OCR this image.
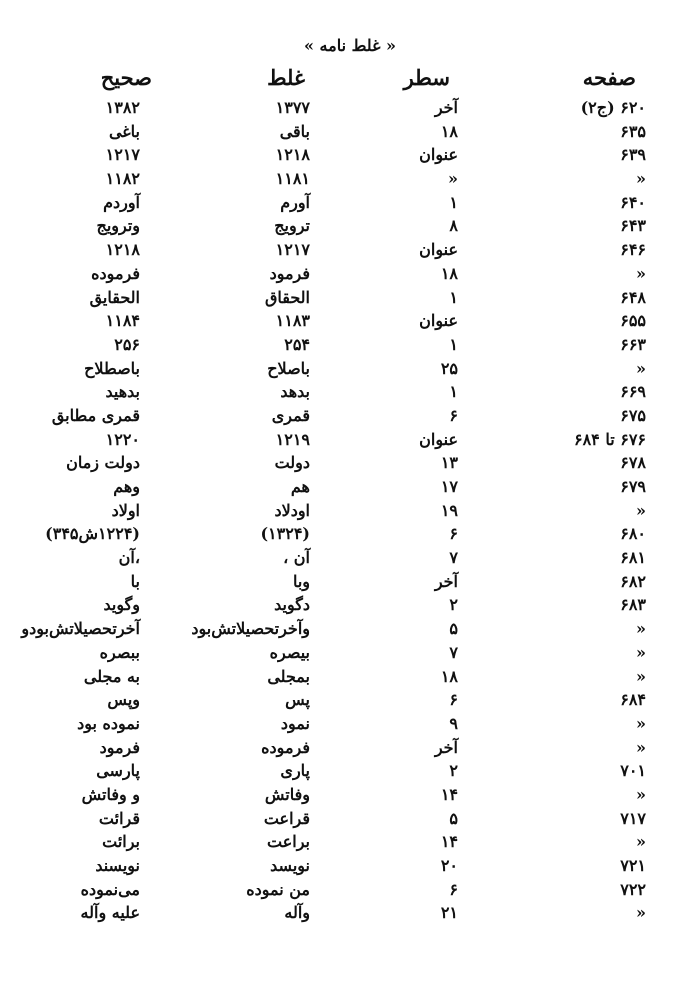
« غلط نامه »
صفحه
سطر
غلط
صحیح
۶۲۰ (ج۲)
آخر
۱۳۷۷
۱۳۸۲
۶۳۵
۱۸
باقی
باغی
۶۳۹
عنوان
۱۲۱۸
۱۲۱۷
«
«
۱۱۸۱
۱۱۸۲
۶۴۰
۱
آورم
آوردم
۶۴۳
۸
ترویج
وترویج
۶۴۶
عنوان
۱۲۱۷
۱۲۱۸
«
۱۸
فرمود
فرموده
۶۴۸
۱
الحقاق
الحقایق
۶۵۵
عنوان
۱۱۸۳
۱۱۸۴
۶۶۳
۱
۲۵۴
۲۵۶
«
۲۵
باصلاح
باصطلاح
۶۶۹
۱
بدهد
بدهید
۶۷۵
۶
قمری
قمری مطابق
۶۷۶ تا ۶۸۴
عنوان
۱۲۱۹
۱۲۲۰
۶۷۸
۱۳
دولت
دولت زمان
۶۷۹
۱۷
هم
وهم
«
۱۹
اودلاد
اولاد
۶۸۰
۶
(۱۳۲۴)
(۱۲۲۴ش۳۴۵)
۶۸۱
۷
آن ،
،آن
۶۸۲
آخر
وبا
با
۶۸۳
۲
دگوید
وگوید
«
۵
وآخرتحصیلاتش‌بود
آخرتحصیلاتش‌بودو
«
۷
بیصره
ببصره
«
۱۸
بمجلی
به مجلی
۶۸۴
۶
پس
وپس
«
۹
نمود
نموده بود
«
آخر
فرموده
فرمود
۷۰۱
۲
پاری
پارسی
«
۱۴
وفاتش
و وفاتش
۷۱۷
۵
قراعت
قرائت
«
۱۴
براعت
برائت
۷۲۱
۲۰
نویسد
نویسند
۷۲۲
۶
من نموده
می‌نموده
«
۲۱
وآله
علیه وآله
